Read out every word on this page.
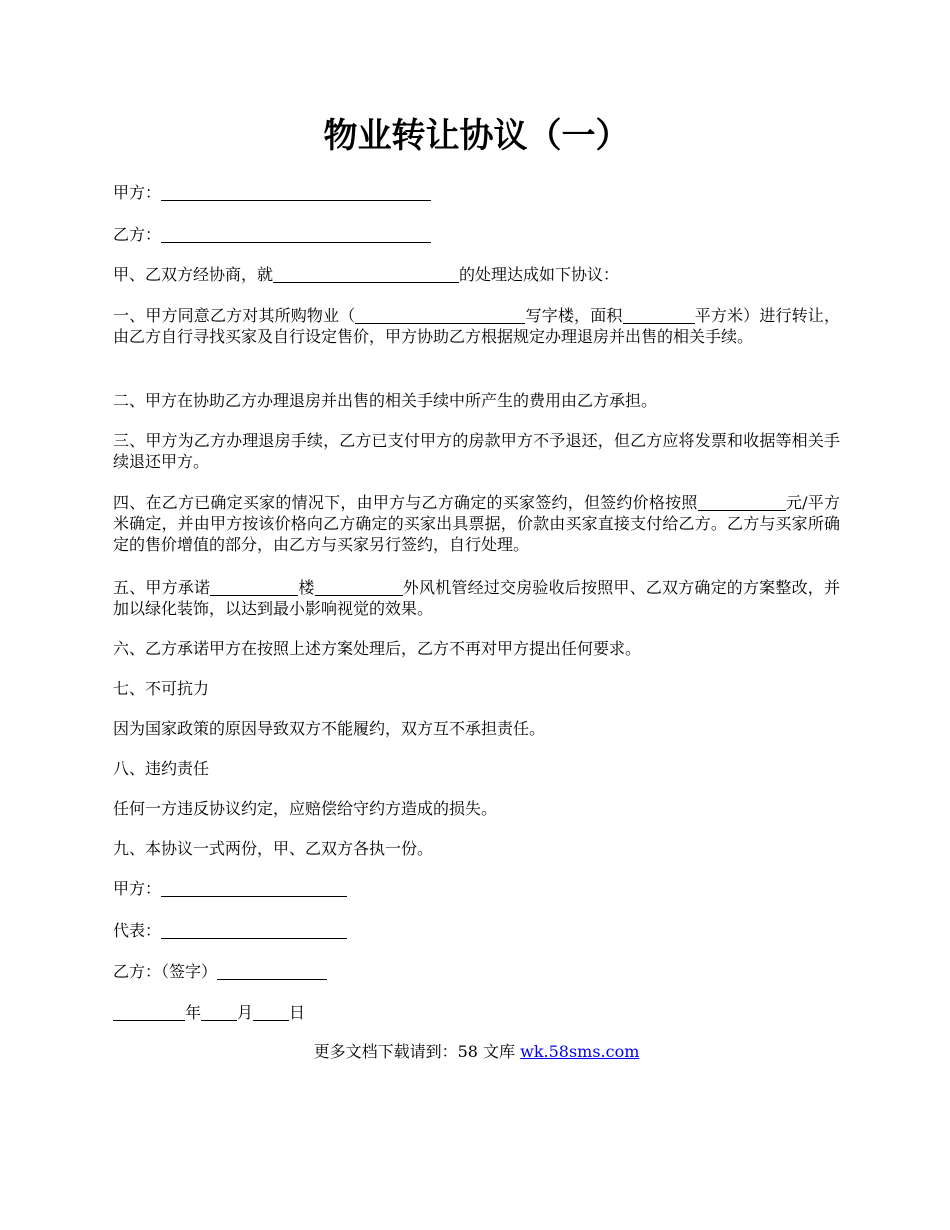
物业转让协议（一）

甲方：

乙方：

甲、乙双方经协商，就	的处理达成如下协议：

一、甲方同意乙方对其所购物业（	写字楼，面积	平方米）进行转让，由乙方自行寻找买家及自行设定售价，甲方协助乙方根据规定办理退房并出售的相关手续。

二、甲方在协助乙方办理退房并出售的相关手续中所产生的费用由乙方承担。

三、甲方为乙方办理退房手续，乙方已支付甲方的房款甲方不予退还，但乙方应将发票和收据等相关手续退还甲方。

四、在乙方已确定买家的情况下，由甲方与乙方确定的买家签约，但签约价格按照	元/平方米确定，并由甲方按该价格向乙方确定的买家出具票据，价款由买家直接支付给乙方。乙方与买家所确定的售价增值的部分，由乙方与买家另行签约，自行处理。

五、甲方承诺	楼	外风机管经过交房验收后按照甲、乙双方确定的方案整改，并加以绿化装饰，以达到最小影响视觉的效果。

六、乙方承诺甲方在按照上述方案处理后，乙方不再对甲方提出任何要求。

七、不可抗力

因为国家政策的原因导致双方不能履约，双方互不承担责任。

八、违约责任

任何一方违反协议约定，应赔偿给守约方造成的损失。

九、本协议一式两份，甲、乙双方各执一份。

甲方：

代表：

乙方：（签字）

年 月 日

更多文档下载请到：58 文库 wk.58sms.com
